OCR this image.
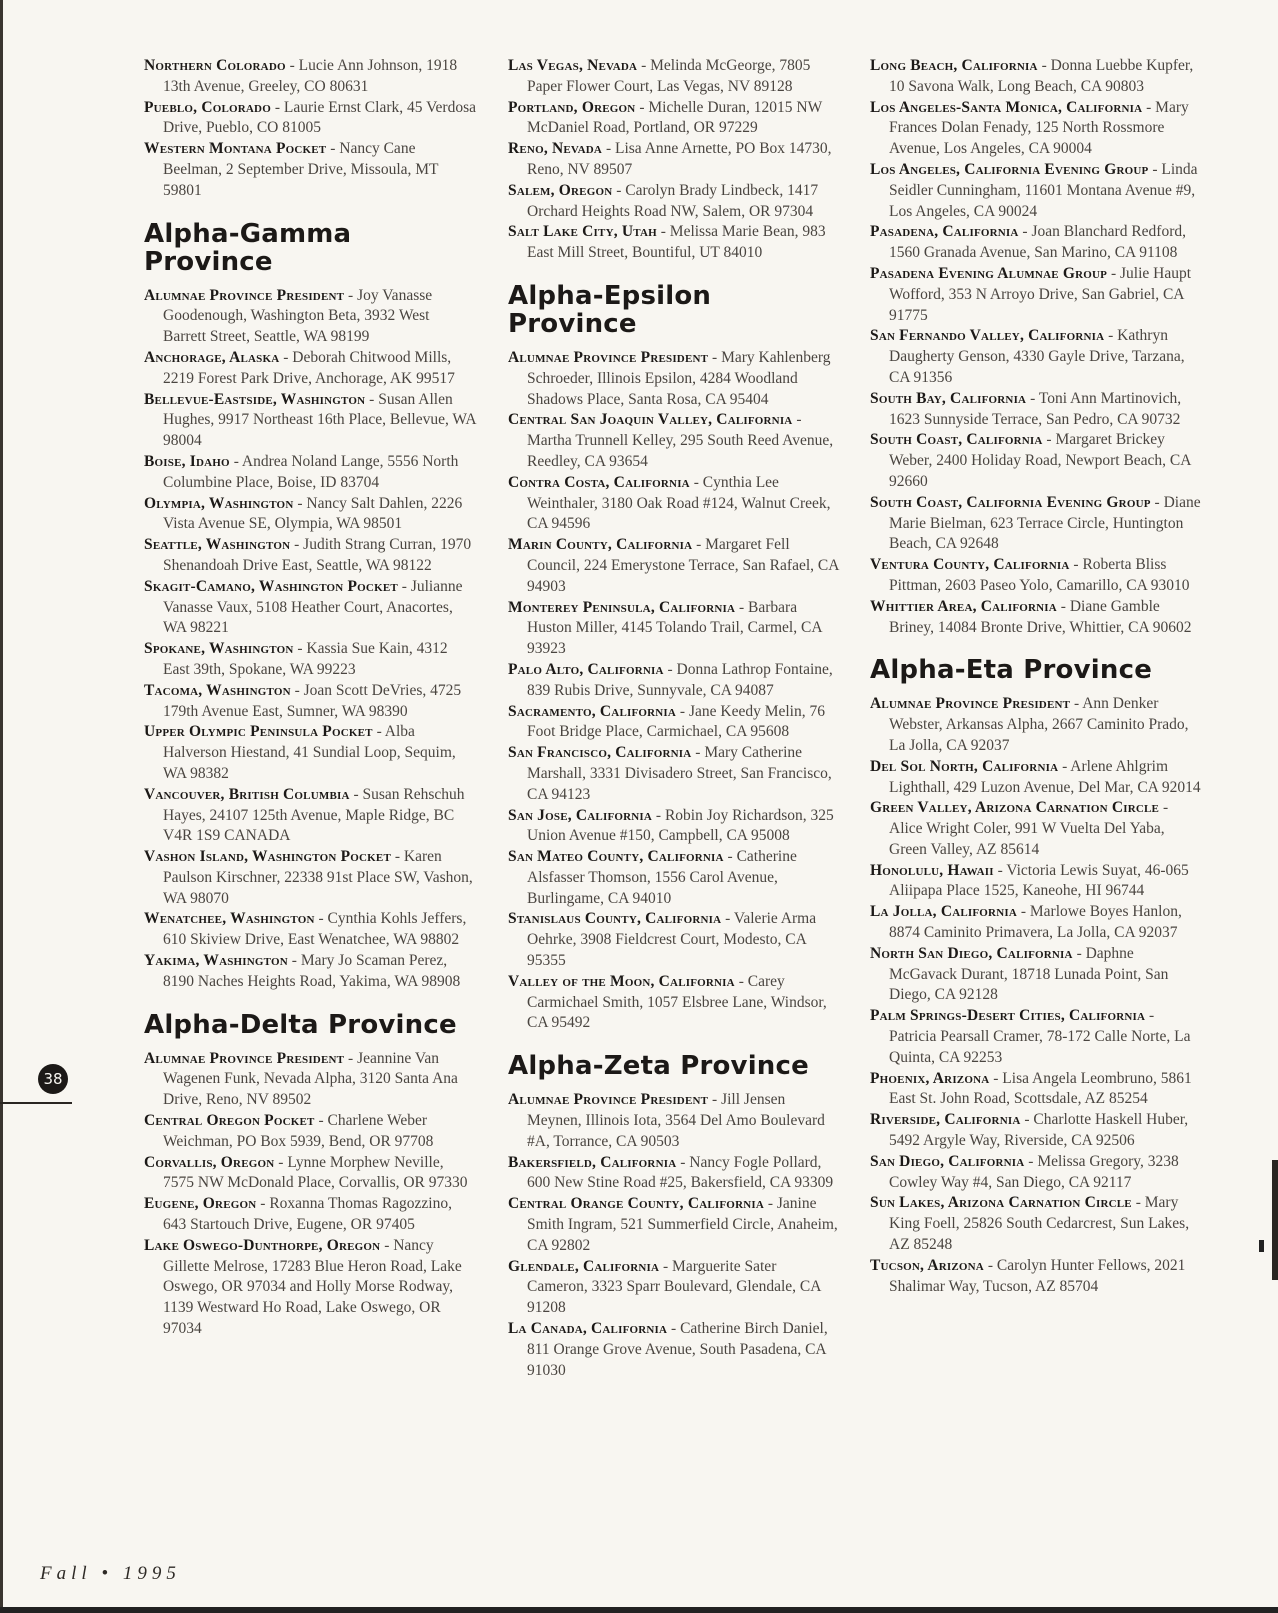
Northern Colorado - Lucie Ann Johnson, 1918 13th Avenue, Greeley, CO 80631
Pueblo, Colorado - Laurie Ernst Clark, 45 Verdosa Drive, Pueblo, CO 81005
Western Montana Pocket - Nancy Cane Beelman, 2 September Drive, Missoula, MT 59801
Alpha-Gamma Province
Alumnae Province President - Joy Vanasse Goodenough, Washington Beta, 3932 West Barrett Street, Seattle, WA 98199
Anchorage, Alaska - Deborah Chitwood Mills, 2219 Forest Park Drive, Anchorage, AK 99517
Bellevue-Eastside, Washington - Susan Allen Hughes, 9917 Northeast 16th Place, Bellevue, WA 98004
Boise, Idaho - Andrea Noland Lange, 5556 North Columbine Place, Boise, ID 83704
Olympia, Washington - Nancy Salt Dahlen, 2226 Vista Avenue SE, Olympia, WA 98501
Seattle, Washington - Judith Strang Curran, 1970 Shenandoah Drive East, Seattle, WA 98122
Skagit-Camano, Washington Pocket - Julianne Vanasse Vaux, 5108 Heather Court, Anacortes, WA 98221
Spokane, Washington - Kassia Sue Kain, 4312 East 39th, Spokane, WA 99223
Tacoma, Washington - Joan Scott DeVries, 4725 179th Avenue East, Sumner, WA 98390
Upper Olympic Peninsula Pocket - Alba Halverson Hiestand, 41 Sundial Loop, Sequim, WA 98382
Vancouver, British Columbia - Susan Rehschuh Hayes, 24107 125th Avenue, Maple Ridge, BC V4R 1S9 CANADA
Vashon Island, Washington Pocket - Karen Paulson Kirschner, 22338 91st Place SW, Vashon, WA 98070
Wenatchee, Washington - Cynthia Kohls Jeffers, 610 Skiview Drive, East Wenatchee, WA 98802
Yakima, Washington - Mary Jo Scaman Perez, 8190 Naches Heights Road, Yakima, WA 98908
Alpha-Delta Province
Alumnae Province President - Jeannine Van Wagenen Funk, Nevada Alpha, 3120 Santa Ana Drive, Reno, NV 89502
Central Oregon Pocket - Charlene Weber Weichman, PO Box 5939, Bend, OR 97708
Corvallis, Oregon - Lynne Morphew Neville, 7575 NW McDonald Place, Corvallis, OR 97330
Eugene, Oregon - Roxanna Thomas Ragozzino, 643 Startouch Drive, Eugene, OR 97405
Lake Oswego-Dunthorpe, Oregon - Nancy Gillette Melrose, 17283 Blue Heron Road, Lake Oswego, OR 97034 and Holly Morse Rodway, 1139 Westward Ho Road, Lake Oswego, OR 97034
Las Vegas, Nevada - Melinda McGeorge, 7805 Paper Flower Court, Las Vegas, NV 89128
Portland, Oregon - Michelle Duran, 12015 NW McDaniel Road, Portland, OR 97229
Reno, Nevada - Lisa Anne Arnette, PO Box 14730, Reno, NV 89507
Salem, Oregon - Carolyn Brady Lindbeck, 1417 Orchard Heights Road NW, Salem, OR 97304
Salt Lake City, Utah - Melissa Marie Bean, 983 East Mill Street, Bountiful, UT 84010
Alpha-Epsilon Province
Alumnae Province President - Mary Kahlenberg Schroeder, Illinois Epsilon, 4284 Woodland Shadows Place, Santa Rosa, CA 95404
Central San Joaquin Valley, California - Martha Trunnell Kelley, 295 South Reed Avenue, Reedley, CA 93654
Contra Costa, California - Cynthia Lee Weinthaler, 3180 Oak Road #124, Walnut Creek, CA 94596
Marin County, California - Margaret Fell Council, 224 Emerystone Terrace, San Rafael, CA 94903
Monterey Peninsula, California - Barbara Huston Miller, 4145 Tolando Trail, Carmel, CA 93923
Palo Alto, California - Donna Lathrop Fontaine, 839 Rubis Drive, Sunnyvale, CA 94087
Sacramento, California - Jane Keedy Melin, 76 Foot Bridge Place, Carmichael, CA 95608
San Francisco, California - Mary Catherine Marshall, 3331 Divisadero Street, San Francisco, CA 94123
San Jose, California - Robin Joy Richardson, 325 Union Avenue #150, Campbell, CA 95008
San Mateo County, California - Catherine Alsfasser Thomson, 1556 Carol Avenue, Burlingame, CA 94010
Stanislaus County, California - Valerie Arma Oehrke, 3908 Fieldcrest Court, Modesto, CA 95355
Valley of the Moon, California - Carey Carmichael Smith, 1057 Elsbree Lane, Windsor, CA 95492
Alpha-Zeta Province
Alumnae Province President - Jill Jensen Meynen, Illinois Iota, 3564 Del Amo Boulevard #A, Torrance, CA 90503
Bakersfield, California - Nancy Fogle Pollard, 600 New Stine Road #25, Bakersfield, CA 93309
Central Orange County, California - Janine Smith Ingram, 521 Summerfield Circle, Anaheim, CA 92802
Glendale, California - Marguerite Sater Cameron, 3323 Sparr Boulevard, Glendale, CA 91208
La Canada, California - Catherine Birch Daniel, 811 Orange Grove Avenue, South Pasadena, CA 91030
Long Beach, California - Donna Luebbe Kupfer, 10 Savona Walk, Long Beach, CA 90803
Los Angeles-Santa Monica, California - Mary Frances Dolan Fenady, 125 North Rossmore Avenue, Los Angeles, CA 90004
Los Angeles, California Evening Group - Linda Seidler Cunningham, 11601 Montana Avenue #9, Los Angeles, CA 90024
Pasadena, California - Joan Blanchard Redford, 1560 Granada Avenue, San Marino, CA 91108
Pasadena Evening Alumnae Group - Julie Haupt Wofford, 353 N Arroyo Drive, San Gabriel, CA 91775
San Fernando Valley, California - Kathryn Daugherty Genson, 4330 Gayle Drive, Tarzana, CA 91356
South Bay, California - Toni Ann Martinovich, 1623 Sunnyside Terrace, San Pedro, CA 90732
South Coast, California - Margaret Brickey Weber, 2400 Holiday Road, Newport Beach, CA 92660
South Coast, California Evening Group - Diane Marie Bielman, 623 Terrace Circle, Huntington Beach, CA 92648
Ventura County, California - Roberta Bliss Pittman, 2603 Paseo Yolo, Camarillo, CA 93010
Whittier Area, California - Diane Gamble Briney, 14084 Bronte Drive, Whittier, CA 90602
Alpha-Eta Province
Alumnae Province President - Ann Denker Webster, Arkansas Alpha, 2667 Caminito Prado, La Jolla, CA 92037
Del Sol North, California - Arlene Ahlgrim Lighthall, 429 Luzon Avenue, Del Mar, CA 92014
Green Valley, Arizona Carnation Circle - Alice Wright Coler, 991 W Vuelta Del Yaba, Green Valley, AZ 85614
Honolulu, Hawaii - Victoria Lewis Suyat, 46-065 Aliipapa Place 1525, Kaneohe, HI 96744
La Jolla, California - Marlowe Boyes Hanlon, 8874 Caminito Primavera, La Jolla, CA 92037
North San Diego, California - Daphne McGavack Durant, 18718 Lunada Point, San Diego, CA 92128
Palm Springs-Desert Cities, California - Patricia Pearsall Cramer, 78-172 Calle Norte, La Quinta, CA 92253
Phoenix, Arizona - Lisa Angela Leombruno, 5861 East St. John Road, Scottsdale, AZ 85254
Riverside, California - Charlotte Haskell Huber, 5492 Argyle Way, Riverside, CA 92506
San Diego, California - Melissa Gregory, 3238 Cowley Way #4, San Diego, CA 92117
Sun Lakes, Arizona Carnation Circle - Mary King Foell, 25826 South Cedarcrest, Sun Lakes, AZ 85248
Tucson, Arizona - Carolyn Hunter Fellows, 2021 Shalimar Way, Tucson, AZ 85704
38
Fall • 1995
